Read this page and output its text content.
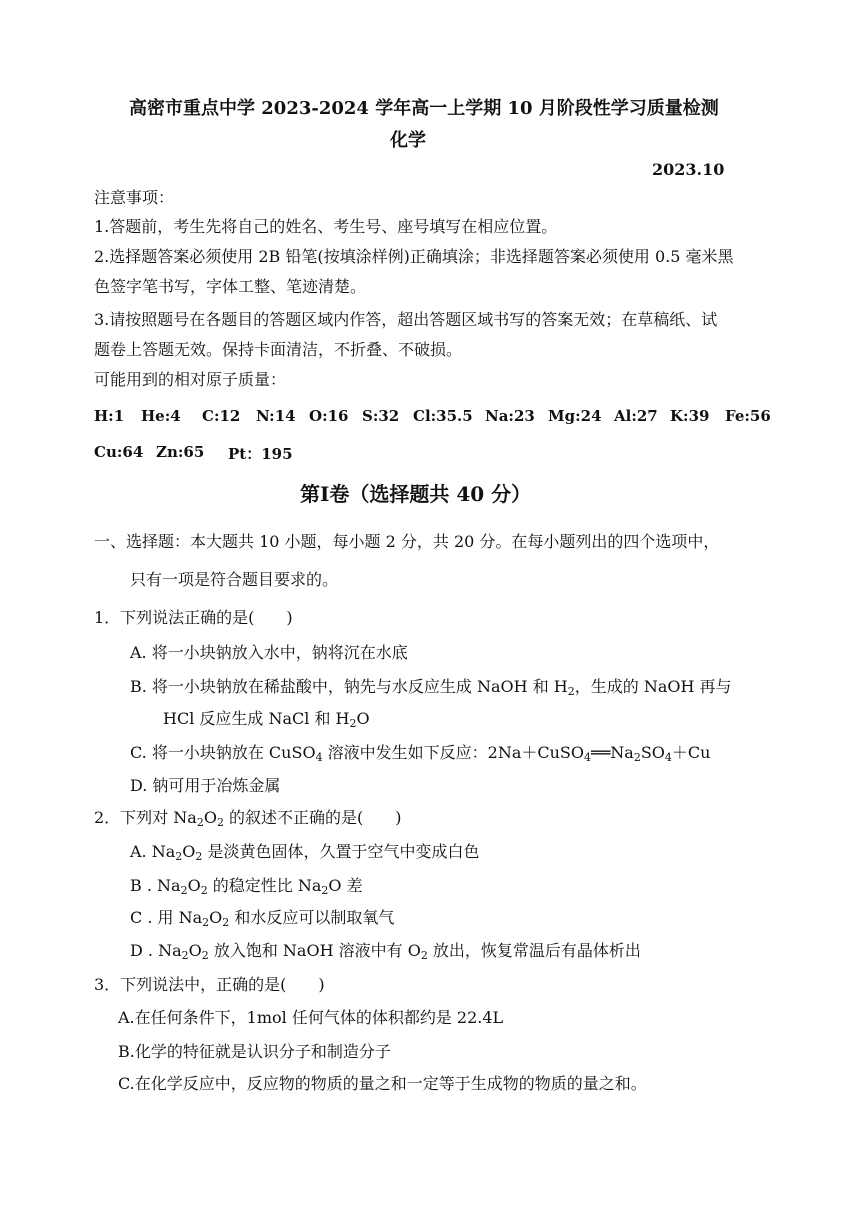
高密市重点中学 2023-2024 学年高一上学期 10 月阶段性学习质量检测
化学
2023.10
注意事项：
1.答题前，考生先将自己的姓名、考生号、座号填写在相应位置。
2.选择题答案必须使用 2B 铅笔(按填涂样例)正确填涂；非选择题答案必须使用 0.5 毫米黑
色签字笔书写，字体工整、笔迹清楚。
3.请按照题号在各题目的答题区域内作答，超出答题区域书写的答案无效；在草稿纸、试
题卷上答题无效。保持卡面清洁，不折叠、不破损。
可能用到的相对原子质量：
H:1 He:4 C:12 N:14 O:16 S:32 Cl:35.5 Na:23 Mg:24 Al:27 K:39 Fe:56
Cu:64 Zn:65 Pt：195
第Ⅰ卷（选择题共 40 分）
一、选择题：本大题共 10 小题，每小题 2 分，共 20 分。在每小题列出的四个选项中，
只有一项是符合题目要求的。
1．下列说法正确的是(　　)
A. 将一小块钠放入水中，钠将沉在水底
B. 将一小块钠放在稀盐酸中，钠先与水反应生成 NaOH 和 $H_2$，生成的 NaOH 再与
HCl 反应生成 NaCl 和 $H_2O$
C. 将一小块钠放在 CuSO$_4$ 溶液中发生如下反应：$2Na+CuSO_4══Na_2SO_4+Cu$
D. 钠可用于冶炼金属
2．下列对 $Na_2O_2$ 的叙述不正确的是(　　)
A. $Na_2O_2$ 是淡黄色固体，久置于空气中变成白色
B . $Na_2O_2$ 的稳定性比 $Na_2O$ 差
C . 用 $Na_2O_2$ 和水反应可以制取氧气
D . $Na_2O_2$ 放入饱和 NaOH 溶液中有 $O_2$ 放出，恢复常温后有晶体析出
3．下列说法中，正确的是(　　)
A.在任何条件下，1mol 任何气体的体积都约是 22.4L
B.化学的特征就是认识分子和制造分子
C.在化学反应中，反应物的物质的量之和一定等于生成物的物质的量之和。
